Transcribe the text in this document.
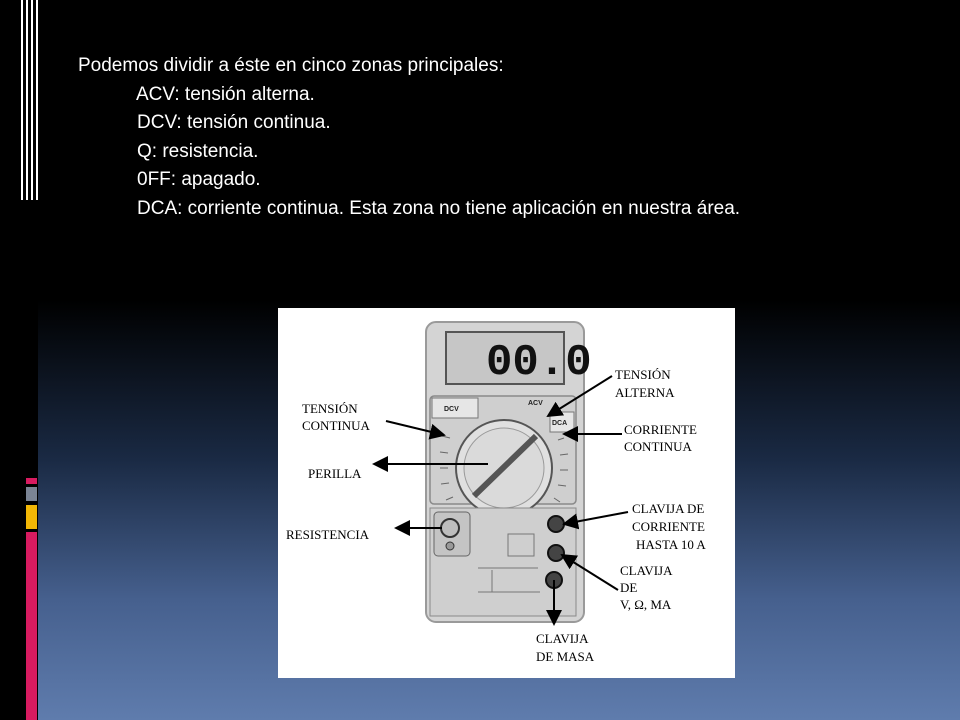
Podemos dividir a éste en cinco zonas principales:
ACV: tensión alterna.
DCV: tensión continua.
Q: resistencia.
0FF: apagado.
DCA: corriente continua. Esta zona no tiene aplicación en nuestra área.
00.0
DCV
ACV
DCA
TENSIÓN ALTERNA
TENSIÓN CONTINUA	CORRIENTE CONTINUA
PERILLA
RESISTENCIA
CLAVIJA DE CORRIENTE HASTA 10 A
CLAVIJA DE V, Ω, MA
CLAVIJA DE MASA
